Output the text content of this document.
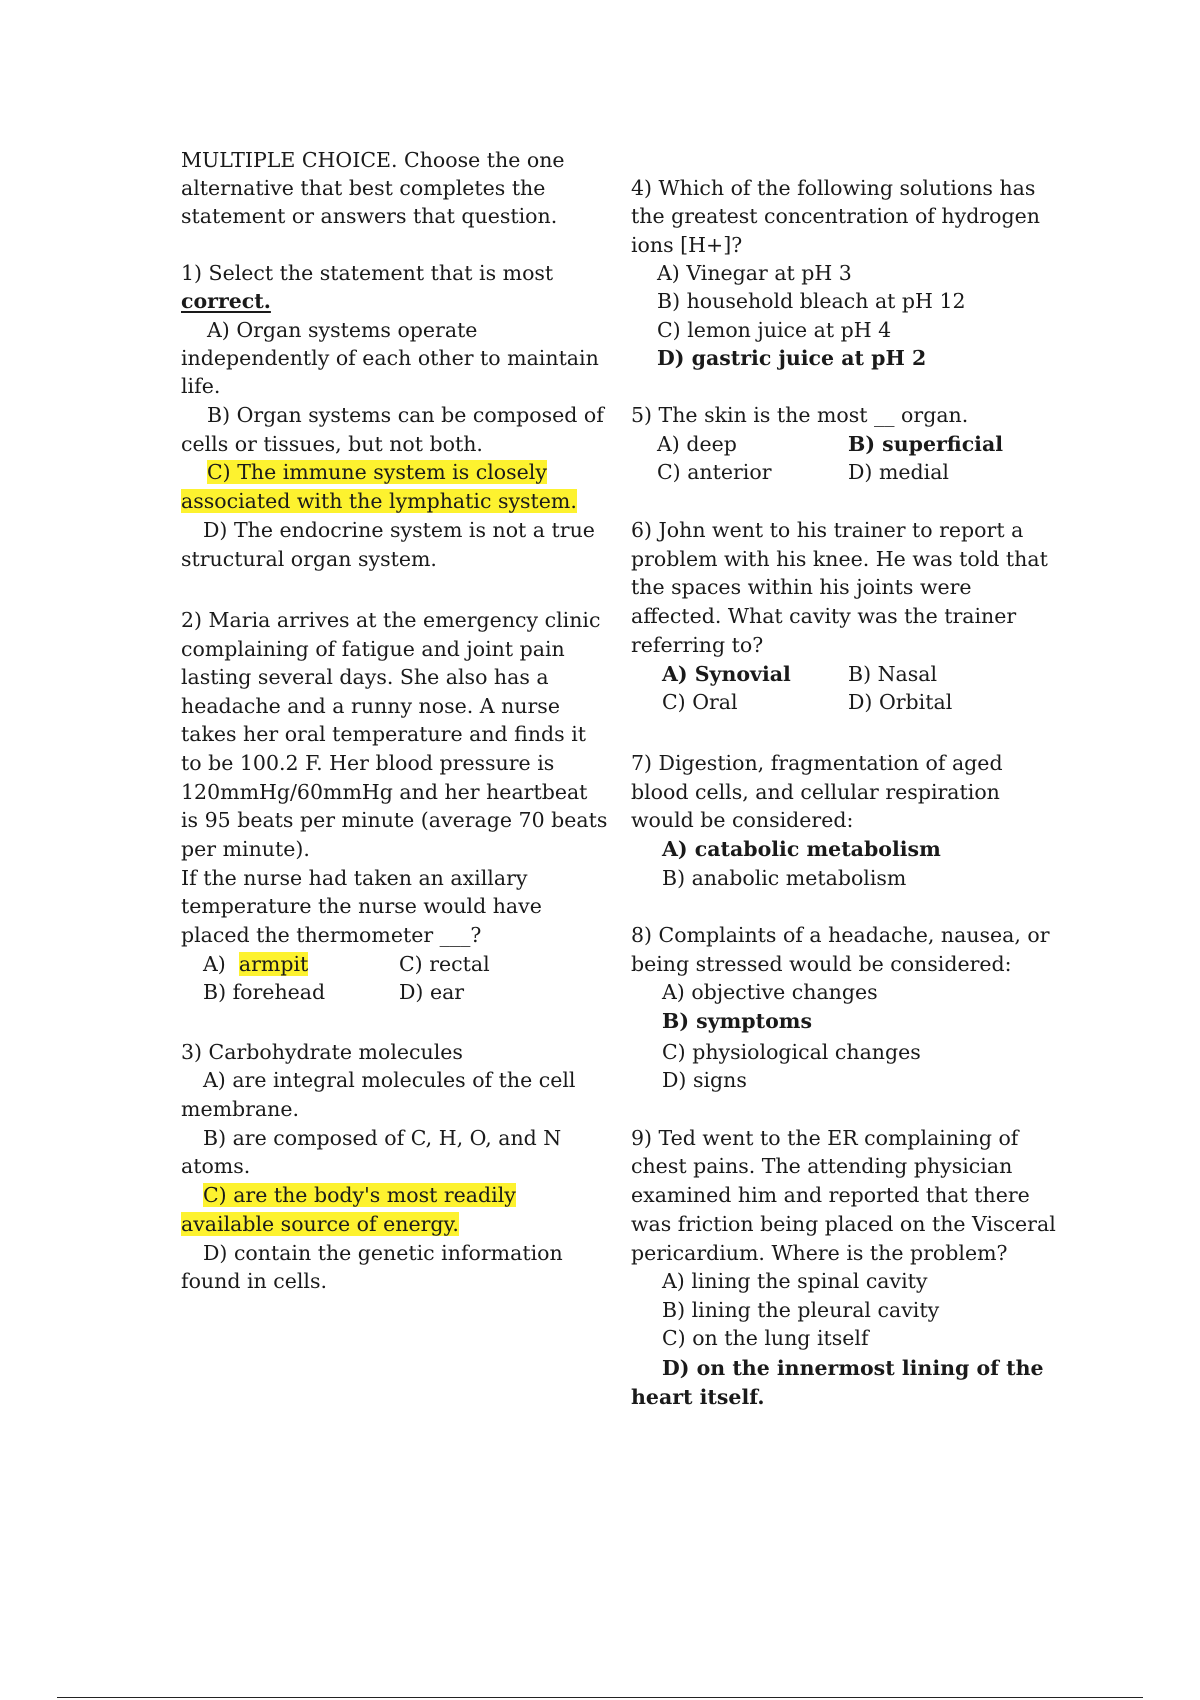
MULTIPLE CHOICE. Choose the one
alternative that best completes the
statement or answers that question.
1) Select the statement that is most
correct.
A) Organ systems operate
independently of each other to maintain
life.
B) Organ systems can be composed of
cells or tissues, but not both.
C) The immune system is closely
associated with the lymphatic system.
D) The endocrine system is not a true
structural organ system.
2) Maria arrives at the emergency clinic
complaining of fatigue and joint pain
lasting several days. She also has a
headache and a runny nose. A nurse
takes her oral temperature and finds it
to be 100.2 F. Her blood pressure is
120mmHg/60mmHg and her heartbeat
is 95 beats per minute (average 70 beats
per minute).
If the nurse had taken an axillary
temperature the nurse would have
placed the thermometer ___?
A) armpit	C) rectal
B) forehead	D) ear
3) Carbohydrate molecules
A) are integral molecules of the cell
membrane.
B) are composed of C, H, O, and N
atoms.
C) are the body's most readily
available source of energy.
D) contain the genetic information
found in cells.
4) Which of the following solutions has
the greatest concentration of hydrogen
ions [H+]?
A) Vinegar at pH 3
B) household bleach at pH 12
C) lemon juice at pH 4
D) gastric juice at pH 2
5) The skin is the most __ organ.
A) deep	B) superficial
C) anterior	D) medial
6) John went to his trainer to report a
problem with his knee. He was told that
the spaces within his joints were
affected. What cavity was the trainer
referring to?
A) Synovial	B) Nasal
C) Oral	D) Orbital
7) Digestion, fragmentation of aged
blood cells, and cellular respiration
would be considered:
A) catabolic metabolism
B) anabolic metabolism
8) Complaints of a headache, nausea, or
being stressed would be considered:
A) objective changes
B) symptoms
C) physiological changes
D) signs
9) Ted went to the ER complaining of
chest pains. The attending physician
examined him and reported that there
was friction being placed on the Visceral
pericardium. Where is the problem?
A) lining the spinal cavity
B) lining the pleural cavity
C) on the lung itself
D) on the innermost lining of the
heart itself.
